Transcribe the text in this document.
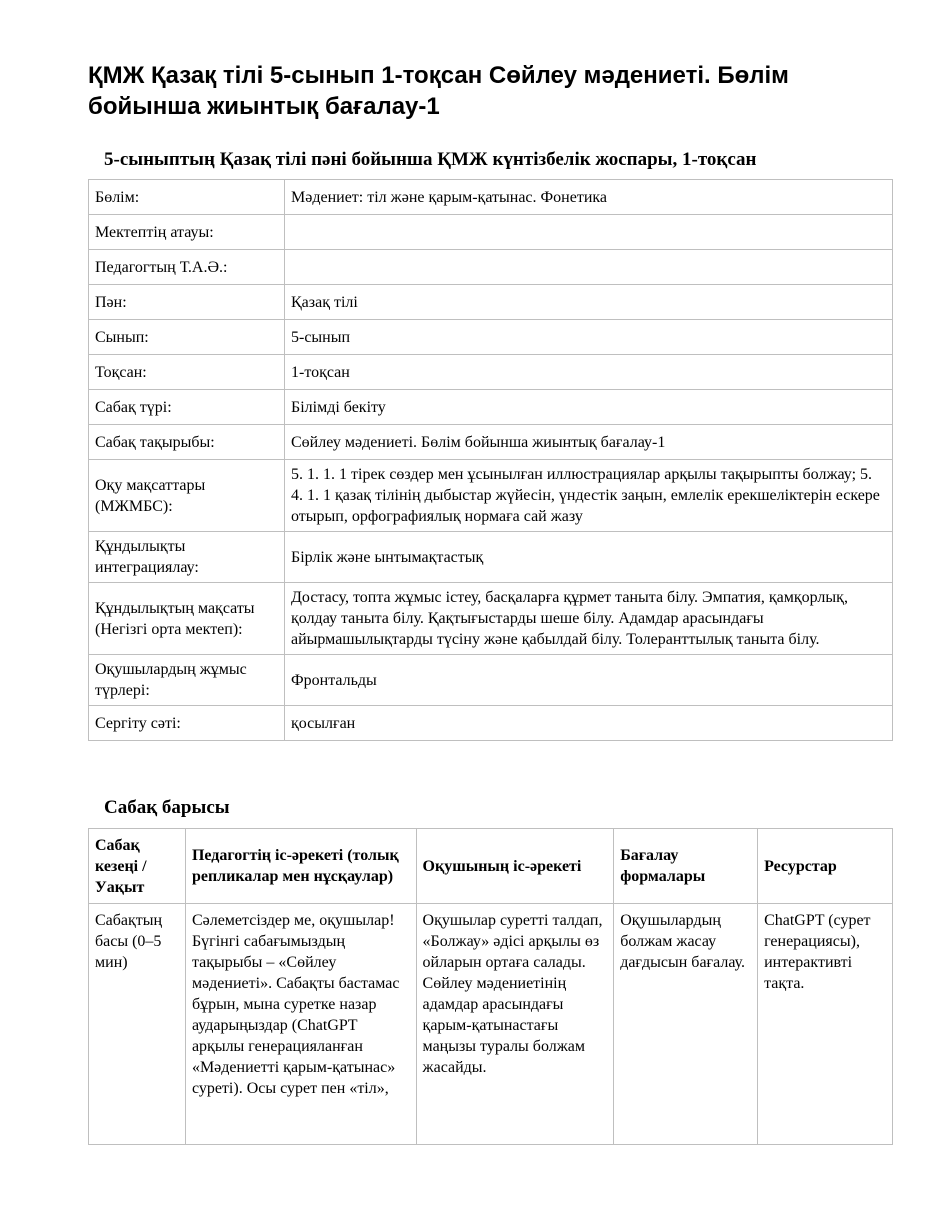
ҚМЖ Қазақ тілі 5-сынып 1-тоқсан Сөйлеу мәдениеті. Бөлім бойынша жиынтық бағалау-1
5-сыныптың Қазақ тілі пәні бойынша ҚМЖ күнтізбелік жоспары, 1-тоқсан
Бөлім:	Мәдениет: тіл және қарым-қатынас. Фонетика
Мектептің атауы:	
Педагогтың Т.А.Ә.:	
Пән:	Қазақ тілі
Сынып:	5-сынып
Тоқсан:	1-тоқсан
Сабақ түрі:	Білімді бекіту
Сабақ тақырыбы:	Сөйлеу мәдениеті. Бөлім бойынша жиынтық бағалау-1
Оқу мақсаттары (МЖМБС):	5. 1. 1. 1 тірек сөздер мен ұсынылған иллюстрациялар арқылы тақырыпты болжау; 5. 4. 1. 1 қазақ тілінің дыбыстар жүйесін, үндестік заңын, емлелік ерекшеліктерін ескере отырып, орфографиялық нормаға сай жазу
Құндылықты интеграциялау:	Бірлік және ынтымақтастық
Құндылықтың мақсаты (Негізгі орта мектеп):	Достасу, топта жұмыс істеу, басқаларға құрмет таныта білу. Эмпатия, қамқорлық, қолдау таныта білу. Қақтығыстарды шеше білу. Адамдар арасындағы айырмашылықтарды түсіну және қабылдай білу. Толеранттылық таныта білу.
Оқушылардың жұмыс түрлері:	Фронтальды
Сергіту сәті:	қосылған
Сабақ барысы
Сабақ кезеңі / Уақыт	Педагогтің іс-әрекеті (толық репликалар мен нұсқаулар)	Оқушының іс-әрекеті	Бағалау формалары	Ресурстар
Сабақтың басы (0–5 мин)	Сәлеметсіздер ме, оқушылар! Бүгінгі сабағымыздың тақырыбы – «Сөйлеу мәдениеті». Сабақты бастамас бұрын, мына суретке назар аударыңыздар (ChatGPT арқылы генерацияланған «Мәдениетті қарым-қатынас» суреті). Осы сурет пен «тіл»,	Оқушылар суретті талдап, «Болжау» әдісі арқылы өз ойларын ортаға салады. Сөйлеу мәдениетінің адамдар арасындағы қарым-қатынастағы маңызы туралы болжам жасайды.	Оқушылардың болжам жасау дағдысын бағалау.	ChatGPT (сурет генерациясы), интерактивті тақта.
